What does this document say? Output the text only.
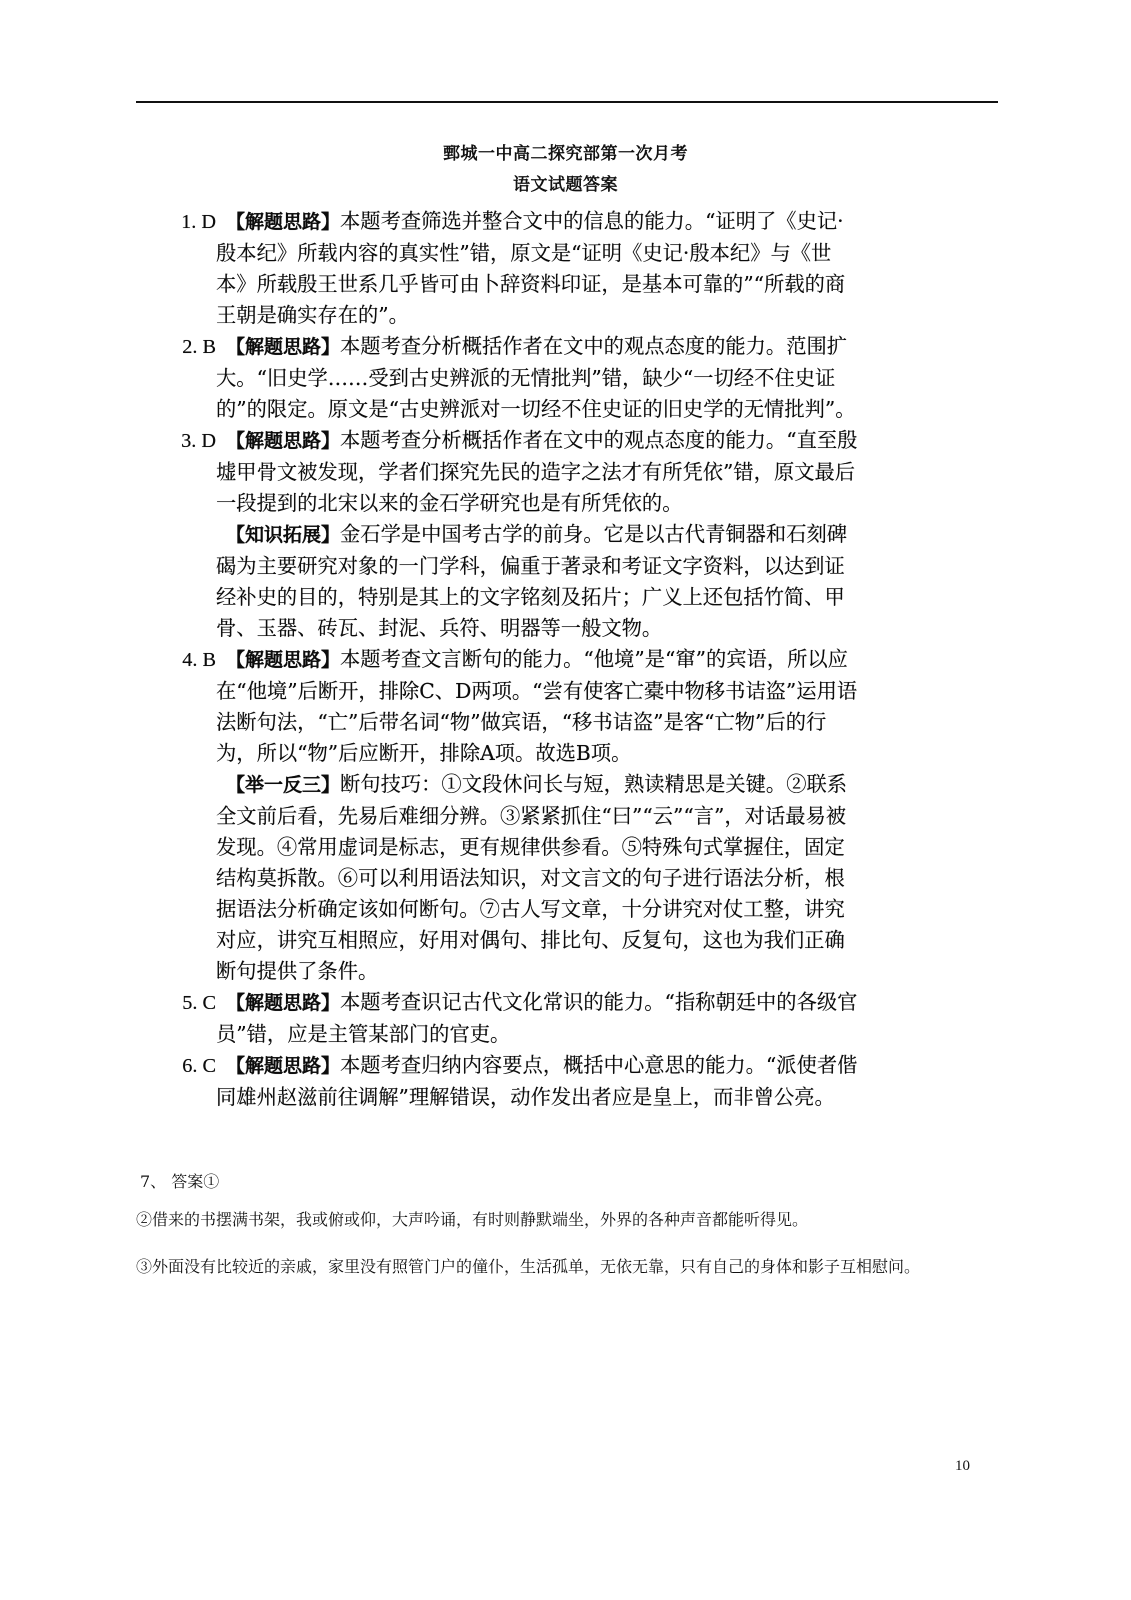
鄄城一中高二探究部第一次月考
语文试题答案

1. D 【解题思路】本题考查筛选并整合文中的信息的能力。“证明了《史记·殷本纪》所载内容的真实性”错，原文是“证明《史记·殷本纪》与《世本》所载殷王世系几乎皆可由卜辞资料印证，是基本可靠的”“所载的商王朝是确实存在的”。

2. B 【解题思路】本题考查分析概括作者在文中的观点态度的能力。范围扩大。“旧史学……受到古史辨派的无情批判”错，缺少“一切经不住史证的”的限定。原文是“古史辨派对一切经不住史证的旧史学的无情批判”。

3. D 【解题思路】本题考查分析概括作者在文中的观点态度的能力。“直至殷墟甲骨文被发现，学者们探究先民的造字之法才有所凭依”错，原文最后一段提到的北宋以来的金石学研究也是有所凭依的。

【知识拓展】金石学是中国考古学的前身。它是以古代青铜器和石刻碑碣为主要研究对象的一门学科，偏重于著录和考证文字资料，以达到证经补史的目的，特别是其上的文字铭刻及拓片；广义上还包括竹简、甲骨、玉器、砖瓦、封泥、兵符、明器等一般文物。

4. B 【解题思路】本题考查文言断句的能力。“他境”是“窜”的宾语，所以应在“他境”后断开，排除C、D两项。“尝有使客亡橐中物移书诘盗”运用语法断句法，“亡”后带名词“物”做宾语，“移书诘盗”是客“亡物”后的行为，所以“物”后应断开，排除A项。故选B项。

【举一反三】断句技巧：①文段休问长与短，熟读精思是关键。②联系全文前后看，先易后难细分辨。③紧紧抓住“曰”“云”“言”，对话最易被发现。④常用虚词是标志，更有规律供参看。⑤特殊句式掌握住，固定结构莫拆散。⑥可以利用语法知识，对文言文的句子进行语法分析，根据语法分析确定该如何断句。⑦古人写文章，十分讲究对仗工整，讲究对应，讲究互相照应，好用对偶句、排比句、反复句，这也为我们正确断句提供了条件。

5. C 【解题思路】本题考查识记古代文化常识的能力。“指称朝廷中的各级官员”错，应是主管某部门的官吏。

6. C 【解题思路】本题考查归纳内容要点，概括中心意思的能力。“派使者偕同雄州赵滋前往调解”理解错误，动作发出者应是皇上，而非曾公亮。

7、 答案①
②借来的书摆满书架，我或俯或仰，大声吟诵，有时则静默端坐，外界的各种声音都能听得见。
③外面没有比较近的亲戚，家里没有照管门户的僮仆，生活孤单，无依无靠，只有自己的身体和影子互相慰问。
10
